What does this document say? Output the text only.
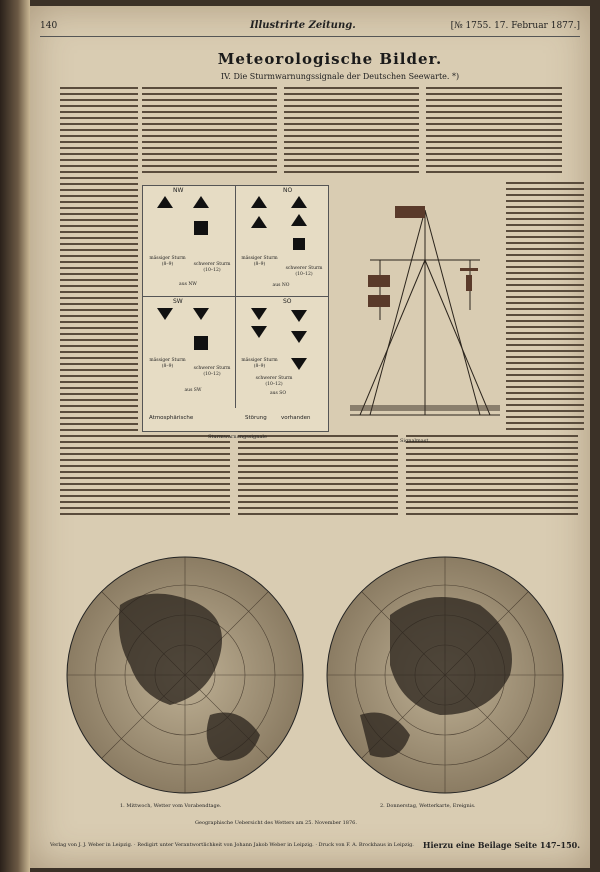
140	Illustrirte Zeitung.	[№ 1755. 17. Februar 1877.]
Meteorologische Bilder.
IV. Die Sturmwarnungssignale der Deutschen Seewarte. *)
NW	NO
SW	SO
mässiger Sturm
(8–9)	schwerer Sturm
(10–12)
aus NW
mässiger Sturm
(8–9)
schwerer Sturm
(10–12)
aus NO
mässiger Sturm
(8–9)	schwerer Sturm
(10–12)
aus SW
mässiger Sturm
(8–9)
schwerer Sturm
(10–12)
aus SO
Atmosphärische	Störung	vorhanden
Sturmwarnungssignale
Signalmast.
1. Mittwoch, Wetter vom Vorabendtage.	2. Donnerstag, Wetterkarte, Ereignis.
Geographische Uebersicht des Wetters am 25. November 1876.
Verlag von J. J. Weber in Leipzig. · Redigirt unter Verantwortlichkeit von Johann Jakob Weber in Leipzig. · Druck von F. A. Brockhaus in Leipzig. Hierzu eine Beilage Seite 147–150.
